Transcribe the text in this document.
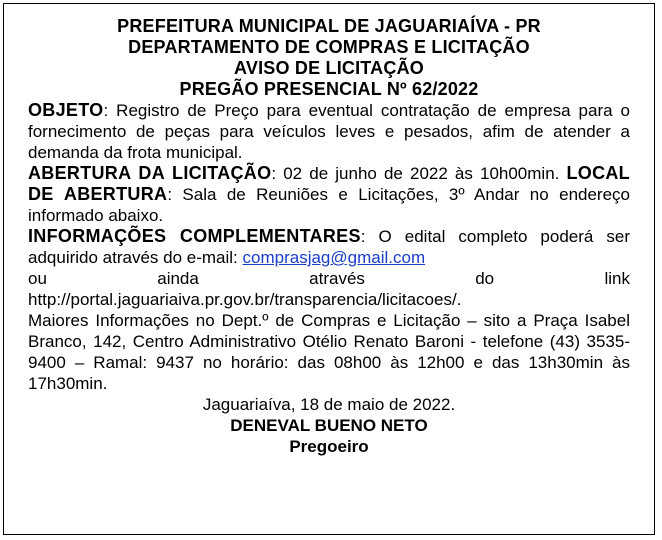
PREFEITURA MUNICIPAL DE JAGUARIAÍVA - PR
DEPARTAMENTO DE COMPRAS E LICITAÇÃO
AVISO DE LICITAÇÃO
PREGÃO PRESENCIAL Nº 62/2022
OBJETO: Registro de Preço para eventual contratação de empresa para o fornecimento de peças para veículos leves e pesados, afim de atender a demanda da frota municipal.
ABERTURA DA LICITAÇÃO: 02 de junho de 2022 às 10h00min. LOCAL DE ABERTURA: Sala de Reuniões e Licitações, 3º Andar no endereço informado abaixo.
INFORMAÇÕES COMPLEMENTARES: O edital completo poderá ser adquirido através do e-mail: comprasjag@gmail.com
ou	ainda	através	do	link
http://portal.jaguariaiva.pr.gov.br/transparencia/licitacoes/.
Maiores Informações no Dept.º de Compras e Licitação – sito a Praça Isabel Branco, 142, Centro Administrativo Otélio Renato Baroni - telefone (43) 3535-9400 – Ramal: 9437 no horário: das 08h00 às 12h00 e das 13h30min às 17h30min.
Jaguariaíva, 18 de maio de 2022.
DENEVAL BUENO NETO
Pregoeiro
